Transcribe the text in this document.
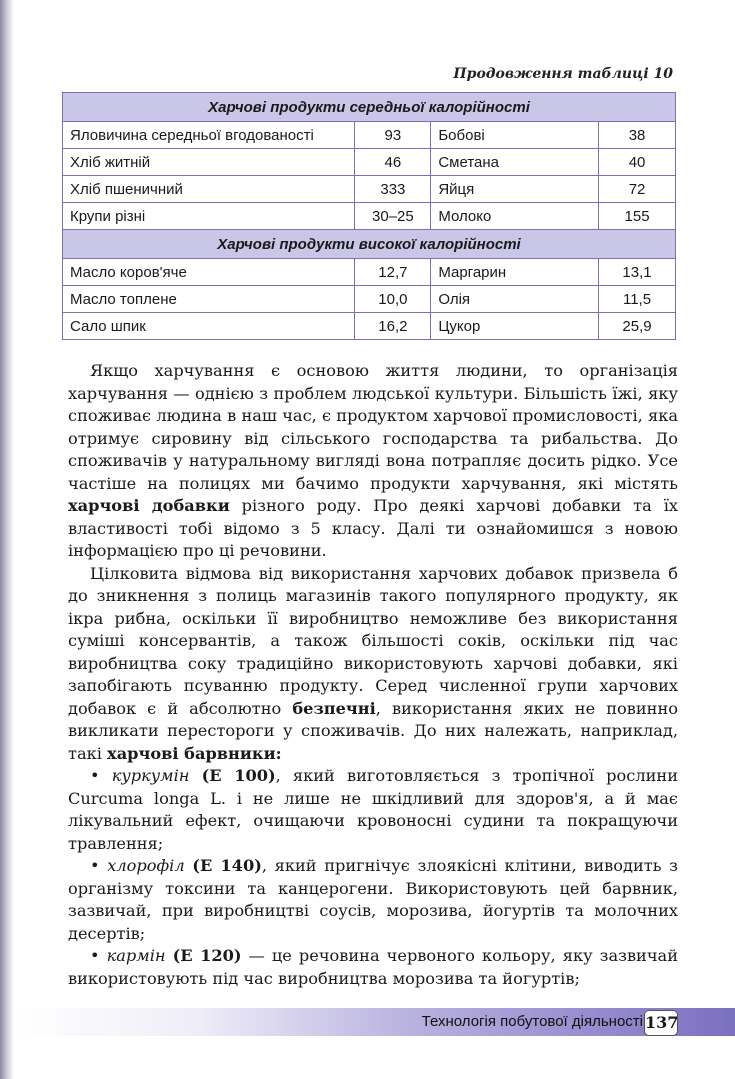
Продовження таблиці 10
Харчові продукти середньої калорійності			
Яловичина середньої вгодованості	93	Бобові	38
Хліб житній	46	Сметана	40
Хліб пшеничний	333	Яйця	72
Крупи різні	30–25	Молоко	155
Харчові продукти високої калорійності			
Масло коров'яче	12,7	Маргарин	13,1
Масло топлене	10,0	Олія	11,5
Сало шпик	16,2	Цукор	25,9

Якщо харчування є основою життя людини, то організація харчування — однією з проблем людської культури. Більшість їжі, яку споживає людина в наш час, є продуктом харчової промисловості, яка отримує сировину від сільського господарства та рибальства. До споживачів у натуральному вигляді вона потрапляє досить рідко. Усе частіше на полицях ми бачимо продукти харчування, які містять харчові добавки різного роду. Про деякі харчові добавки та їх властивості тобі відомо з 5 класу. Далі ти ознайомишся з новою інформацією про ці речовини.

Цілковита відмова від використання харчових добавок призвела б до зникнення з полиць магазинів такого популярного продукту, як ікра рибна, оскільки її виробництво неможливе без використання суміші консервантів, а також більшості соків, оскільки під час виробництва соку традиційно використовують харчові добавки, які запобігають псуванню продукту. Серед численної групи харчових добавок є й абсолютно безпечні, використання яких не повинно викликати перестороги у споживачів. До них належать, наприклад, такі харчові барвники:

• куркумін (Е 100), який виготовляється з тропічної рослини Curcuma longa L. і не лише не шкідливий для здоров'я, а й має лікувальний ефект, очищаючи кровоносні судини та покращуючи травлення;

• хлорофіл (Е 140), який пригнічує злоякісні клітини, виводить з організму токсини та канцерогени. Використовують цей барвник, зазвичай, при виробництві соусів, морозива, йогуртів та молочних десертів;

• кармін (Е 120) — це речовина червоного кольору, яку зазвичай використовують під час виробництва морозива та йогуртів;

Технологія побутової діяльності 137
